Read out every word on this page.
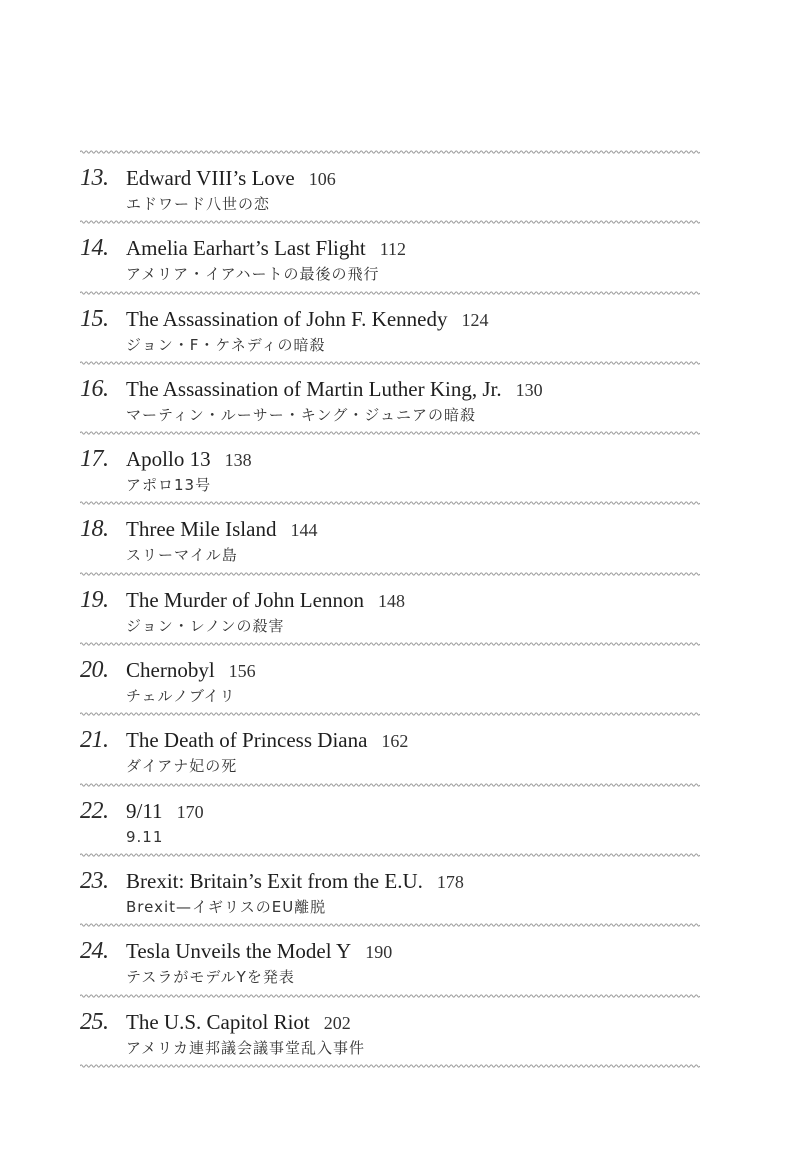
13. Edward VIII’s Love 106
エドワード八世の恋
14. Amelia Earhart’s Last Flight 112
アメリア・イアハートの最後の飛行
15. The Assassination of John F. Kennedy 124
ジョン・F・ケネディの暗殺
16. The Assassination of Martin Luther King, Jr. 130
マーティン・ルーサー・キング・ジュニアの暗殺
17. Apollo 13 138
アポロ13号
18. Three Mile Island 144
スリーマイル島
19. The Murder of John Lennon 148
ジョン・レノンの殺害
20. Chernobyl 156
チェルノブイリ
21. The Death of Princess Diana 162
ダイアナ妃の死
22. 9/11 170
9.11
23. Brexit: Britain’s Exit from the E.U. 178
Brexit—イギリスのEU離脱
24. Tesla Unveils the Model Y 190
テスラがモデルYを発表
25. The U.S. Capitol Riot 202
アメリカ連邦議会議事堂乱入事件
